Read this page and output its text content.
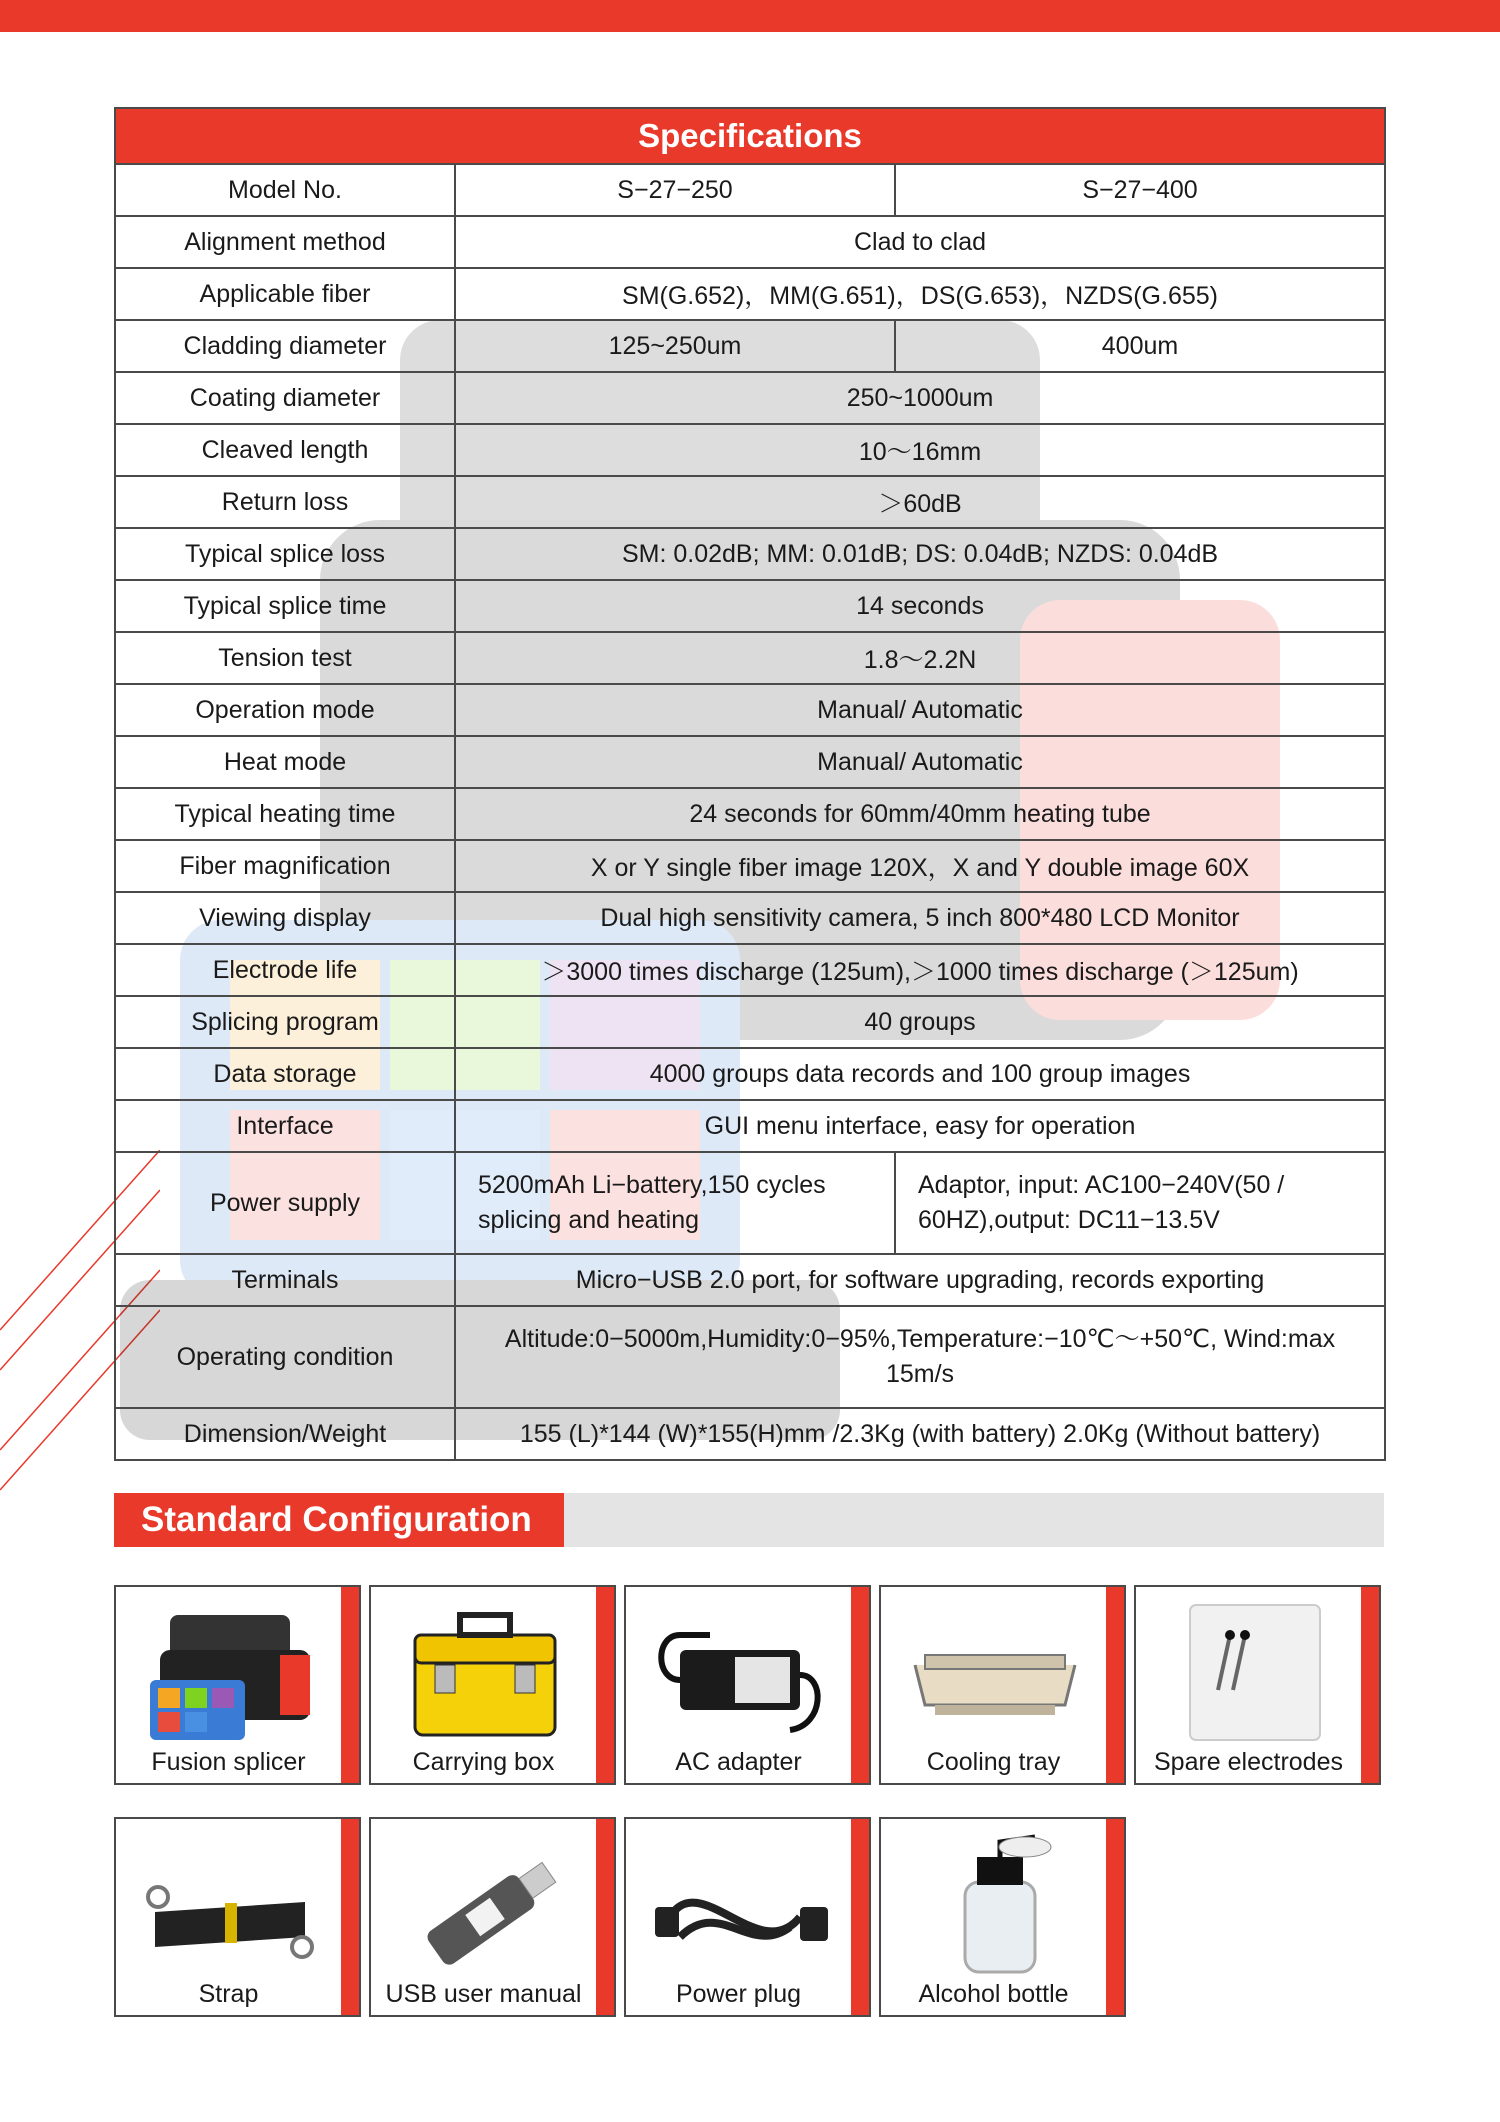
Specifications		
Model No.	S−27−250	S−27−400
Alignment method	Clad to clad	
Applicable fiber	SM(G.652)，MM(G.651)，DS(G.653)，NZDS(G.655)	
Cladding diameter	125~250um	400um
Coating diameter	250~1000um	
Cleaved length	10～16mm	
Return loss	＞60dB	
Typical splice loss	SM: 0.02dB; MM: 0.01dB; DS: 0.04dB; NZDS: 0.04dB	
Typical splice time	14 seconds	
Tension test	1.8～2.2N	
Operation mode	Manual/ Automatic	
Heat mode	Manual/ Automatic	
Typical heating time	24 seconds for 60mm/40mm heating tube	
Fiber magnification	X or Y single fiber image 120X，X and Y double image 60X	
Viewing display	Dual high sensitivity camera, 5 inch 800*480 LCD Monitor	
Electrode life	＞3000 times discharge (125um),＞1000 times discharge (＞125um)	
Splicing program	40 groups	
Data storage	4000 groups data records and 100 group images	
Interface	GUI menu interface, easy for operation	
Power supply	5200mAh Li−battery,150 cycles splicing and heating	Adaptor, input: AC100−240V(50 / 60HZ),output: DC11−13.5V
Terminals	Micro−USB 2.0 port, for software upgrading, records exporting	
Operating condition	Altitude:0−5000m,Humidity:0−95%,Temperature:−10℃～+50℃, Wind:max 15m/s	
Dimension/Weight	155 (L)*144 (W)*155(H)mm /2.3Kg (with battery) 2.0Kg (Without battery)	
Standard Configuration
Fusion splicer	Carrying box	AC adapter	Cooling tray	Spare electrodes
Strap	USB user manual	Power plug	Alcohol bottle
